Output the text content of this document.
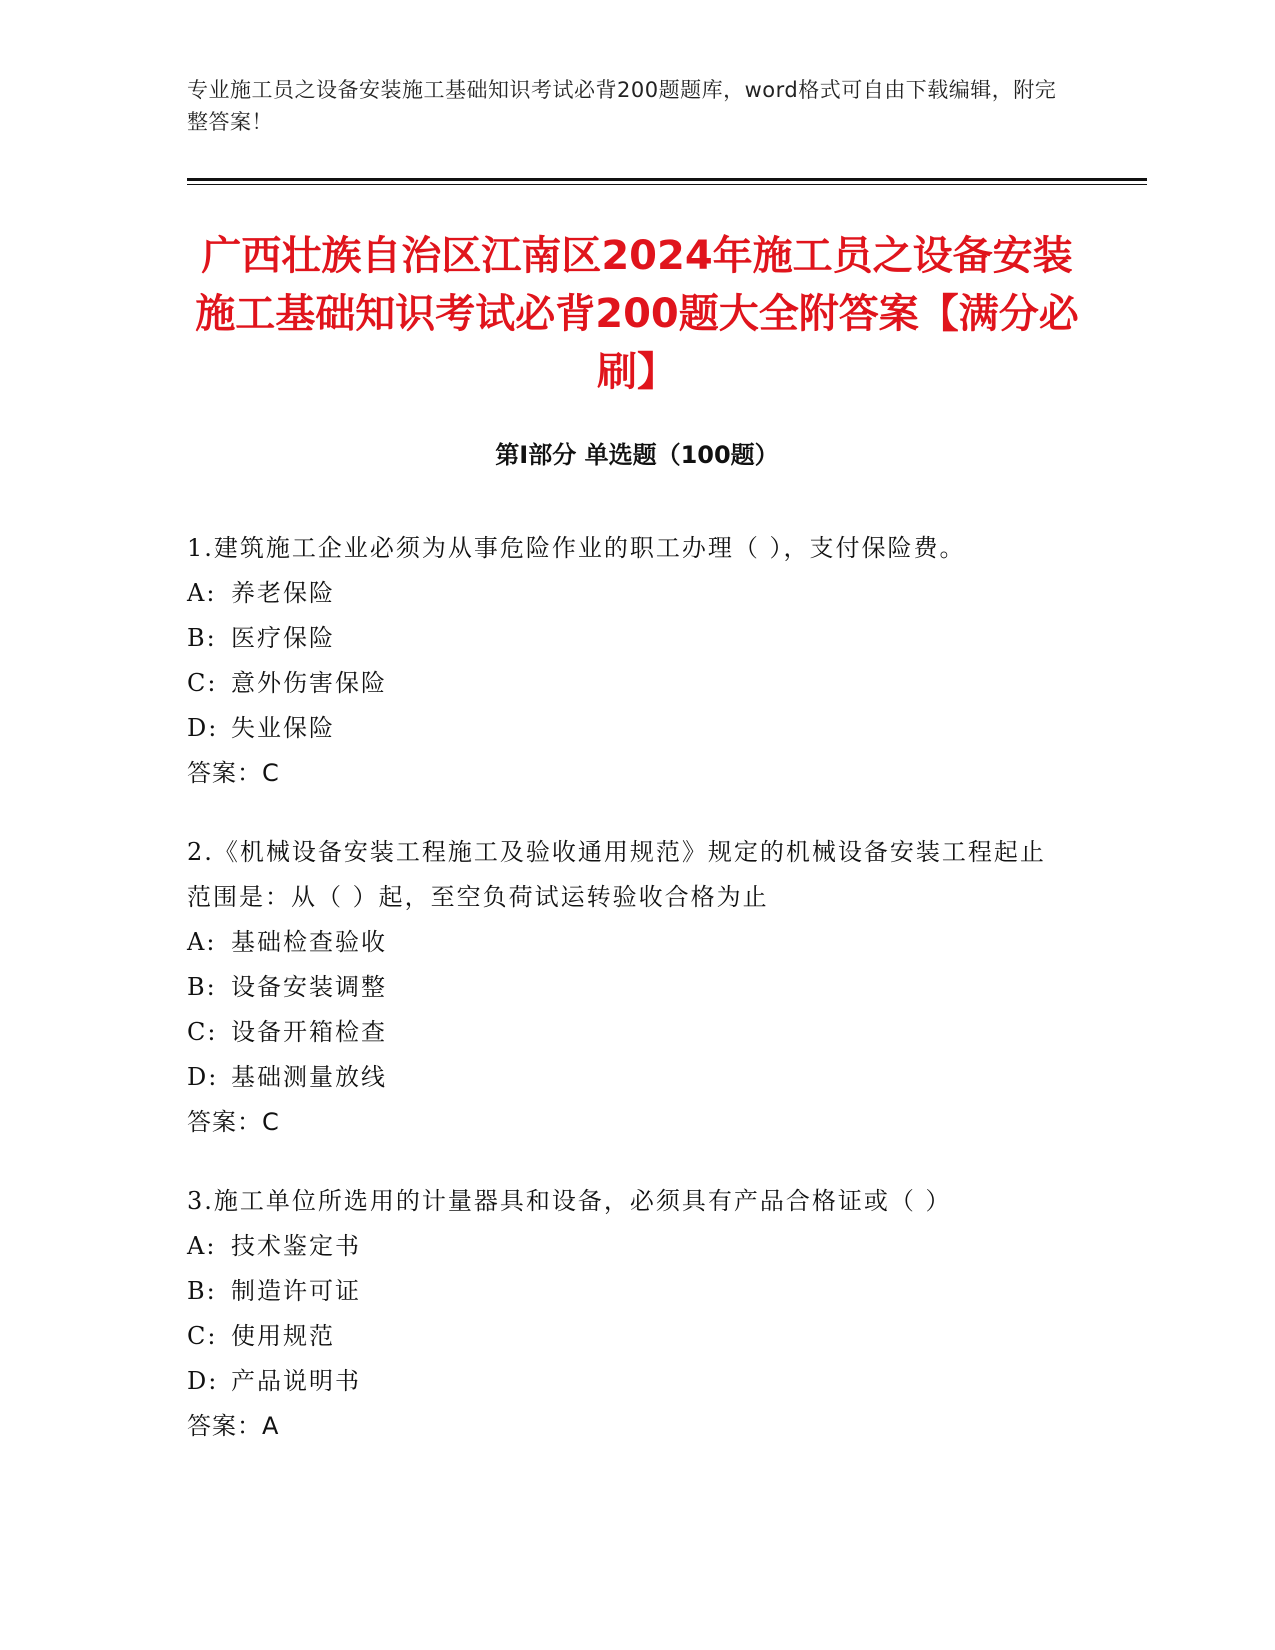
专业施工员之设备安装施工基础知识考试必背200题题库，word格式可自由下载编辑，附完整答案！
广西壮族自治区江南区2024年施工员之设备安装施工基础知识考试必背200题大全附答案【满分必刷】
第I部分 单选题（100题）

1.建筑施工企业必须为从事危险作业的职工办理（ ），支付保险费。

A: 养老保险
B: 医疗保险
C: 意外伤害保险
D: 失业保险
答案：C

2.《机械设备安装工程施工及验收通用规范》规定的机械设备安装工程起止范围是：从（ ）起，至空负荷试运转验收合格为止

A: 基础检查验收
B: 设备安装调整
C: 设备开箱检查
D: 基础测量放线
答案：C

3.施工单位所选用的计量器具和设备，必须具有产品合格证或（ ）

A: 技术鉴定书
B: 制造许可证
C: 使用规范
D: 产品说明书
答案：A
